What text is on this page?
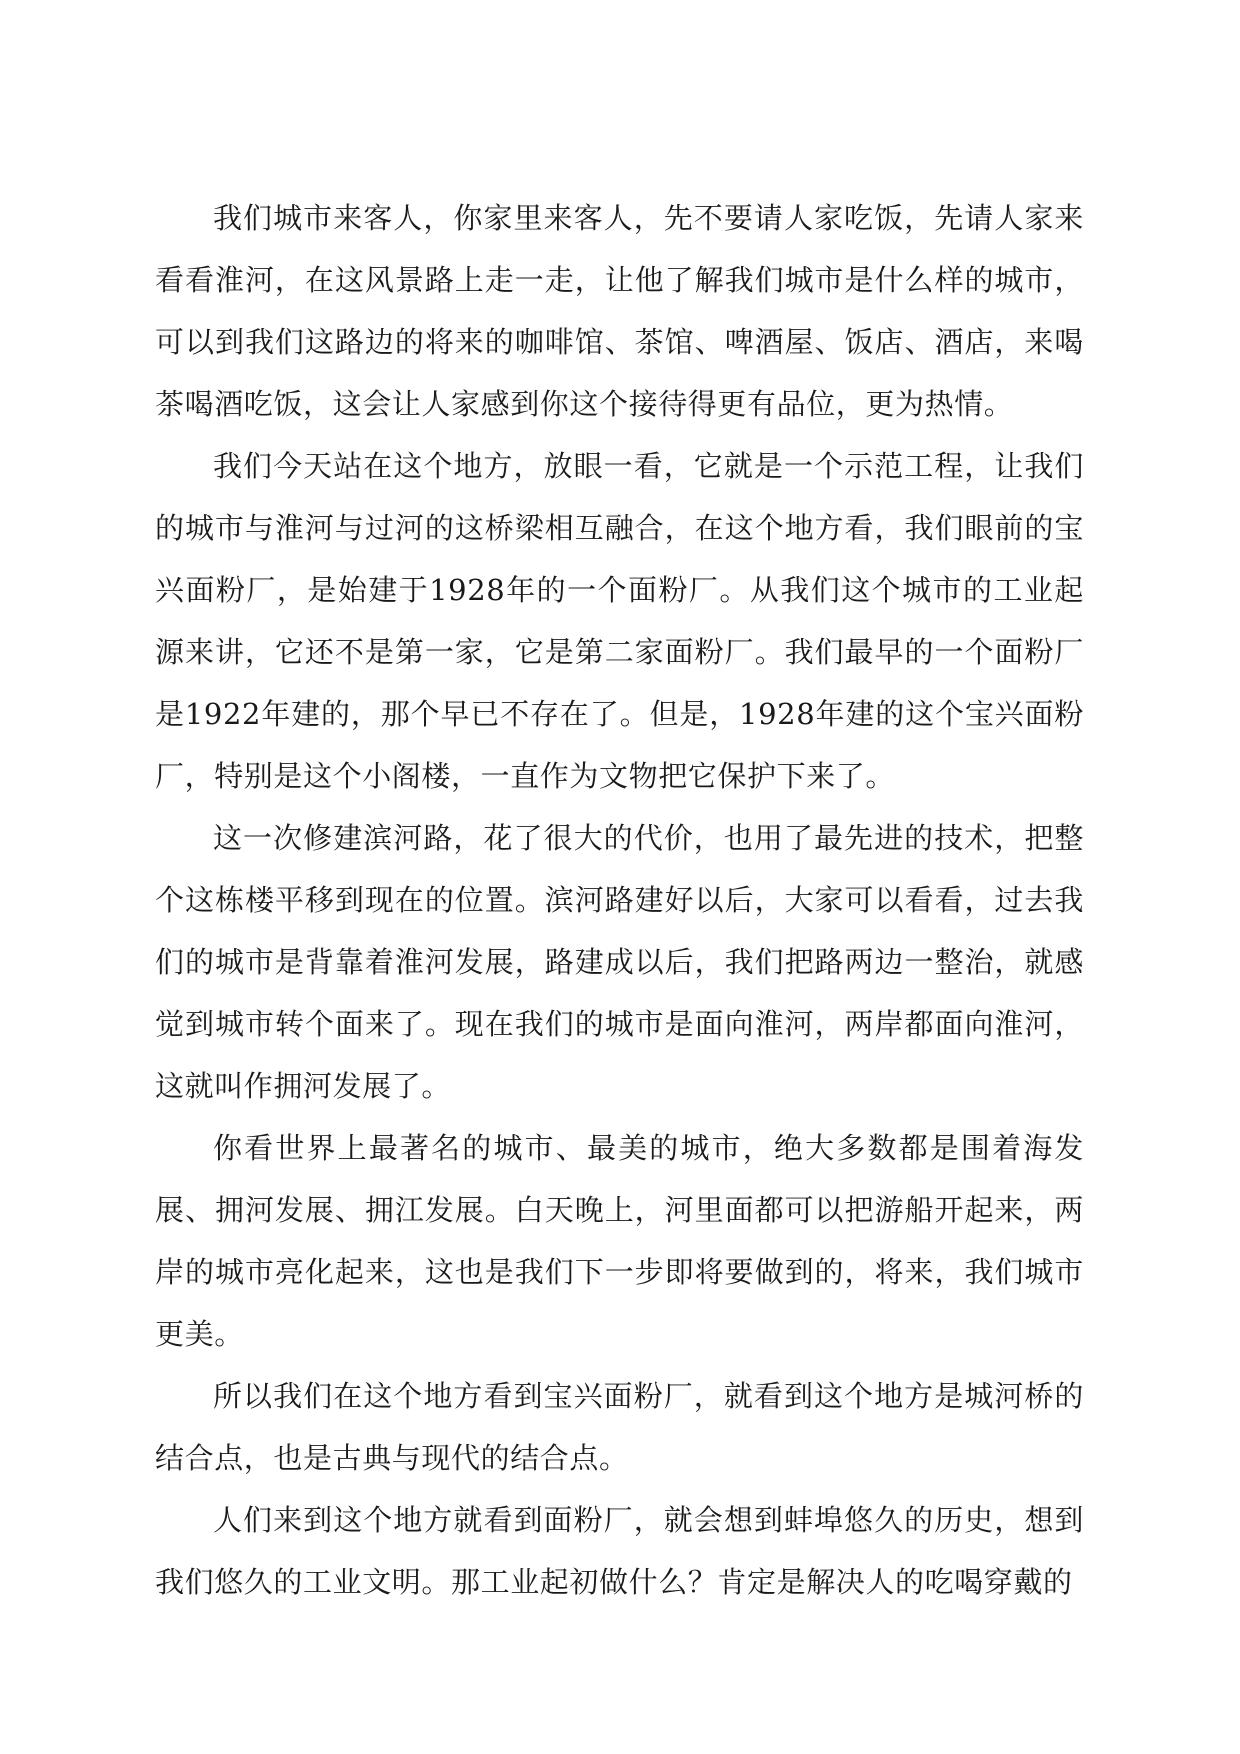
我们城市来客人，你家里来客人，先不要请人家吃饭，先请人家来看看淮河，在这风景路上走一走，让他了解我们城市是什么样的城市，可以到我们这路边的将来的咖啡馆、茶馆、啤酒屋、饭店、酒店，来喝茶喝酒吃饭，这会让人家感到你这个接待得更有品位，更为热情。

我们今天站在这个地方，放眼一看，它就是一个示范工程，让我们的城市与淮河与过河的这桥梁相互融合，在这个地方看，我们眼前的宝兴面粉厂，是始建于1928年的一个面粉厂。从我们这个城市的工业起源来讲，它还不是第一家，它是第二家面粉厂。我们最早的一个面粉厂是1922年建的，那个早已不存在了。但是，1928年建的这个宝兴面粉厂，特别是这个小阁楼，一直作为文物把它保护下来了。

这一次修建滨河路，花了很大的代价，也用了最先进的技术，把整个这栋楼平移到现在的位置。滨河路建好以后，大家可以看看，过去我们的城市是背靠着淮河发展，路建成以后，我们把路两边一整治，就感觉到城市转个面来了。现在我们的城市是面向淮河，两岸都面向淮河，这就叫作拥河发展了。

你看世界上最著名的城市、最美的城市，绝大多数都是围着海发展、拥河发展、拥江发展。白天晚上，河里面都可以把游船开起来，两岸的城市亮化起来，这也是我们下一步即将要做到的，将来，我们城市更美。

所以我们在这个地方看到宝兴面粉厂，就看到这个地方是城河桥的结合点，也是古典与现代的结合点。

人们来到这个地方就看到面粉厂，就会想到蚌埠悠久的历史，想到我们悠久的工业文明。那工业起初做什么？肯定是解决人的吃喝穿戴的
